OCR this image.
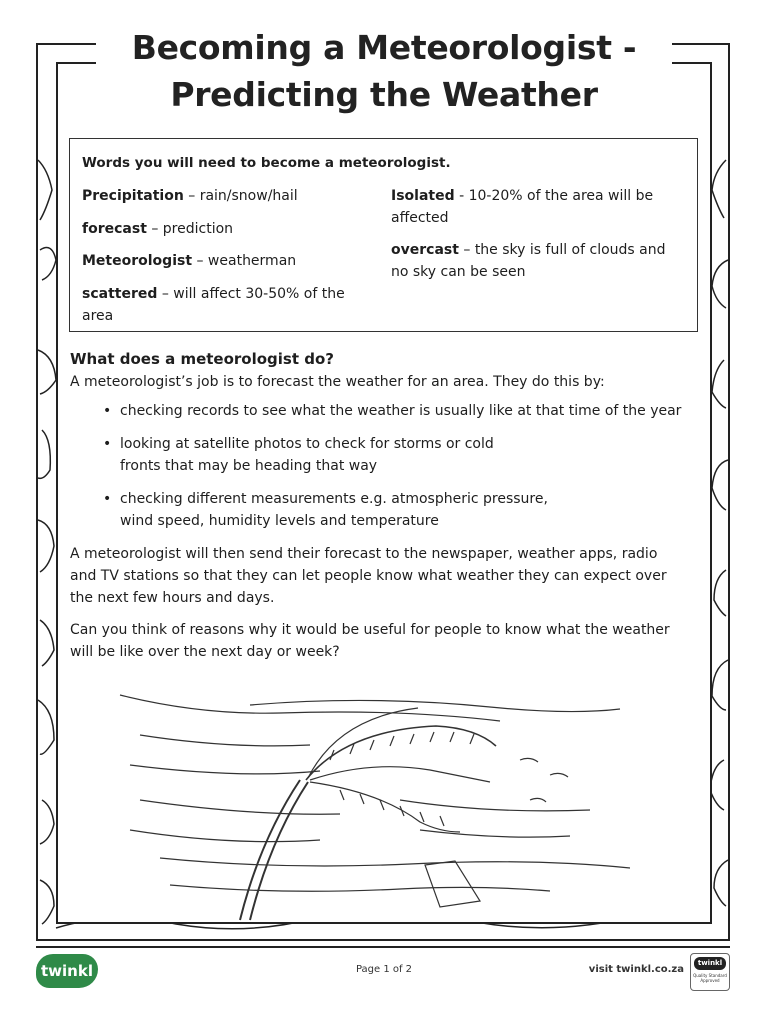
Becoming a Meteorologist -
Predicting the Weather

Words you will need to become a meteorologist.

Precipitation – rain/snow/hail

forecast – prediction

Meteorologist – weatherman

scattered – will affect 30-50% of the
area

Isolated - 10-20% of the area will be
affected

overcast – the sky is full of clouds and
no sky can be seen

What does a meteorologist do?

A meteorologist’s job is to forecast the weather for an area. They do this by:

• checking records to see what the weather is usually like at that time of the year
• looking at satellite photos to check for storms or cold
fronts that may be heading that way
• checking different measurements e.g. atmospheric pressure,
wind speed, humidity levels and temperature

A meteorologist will then send their forecast to the newspaper, weather apps, radio
and TV stations so that they can let people know what weather they can expect over
the next few hours and days.

Can you think of reasons why it would be useful for people to know what the weather
will be like over the next day or week?

twinkl	Page 1 of 2	visit twinkl.co.za
twinkl
Quality Standard Approved
